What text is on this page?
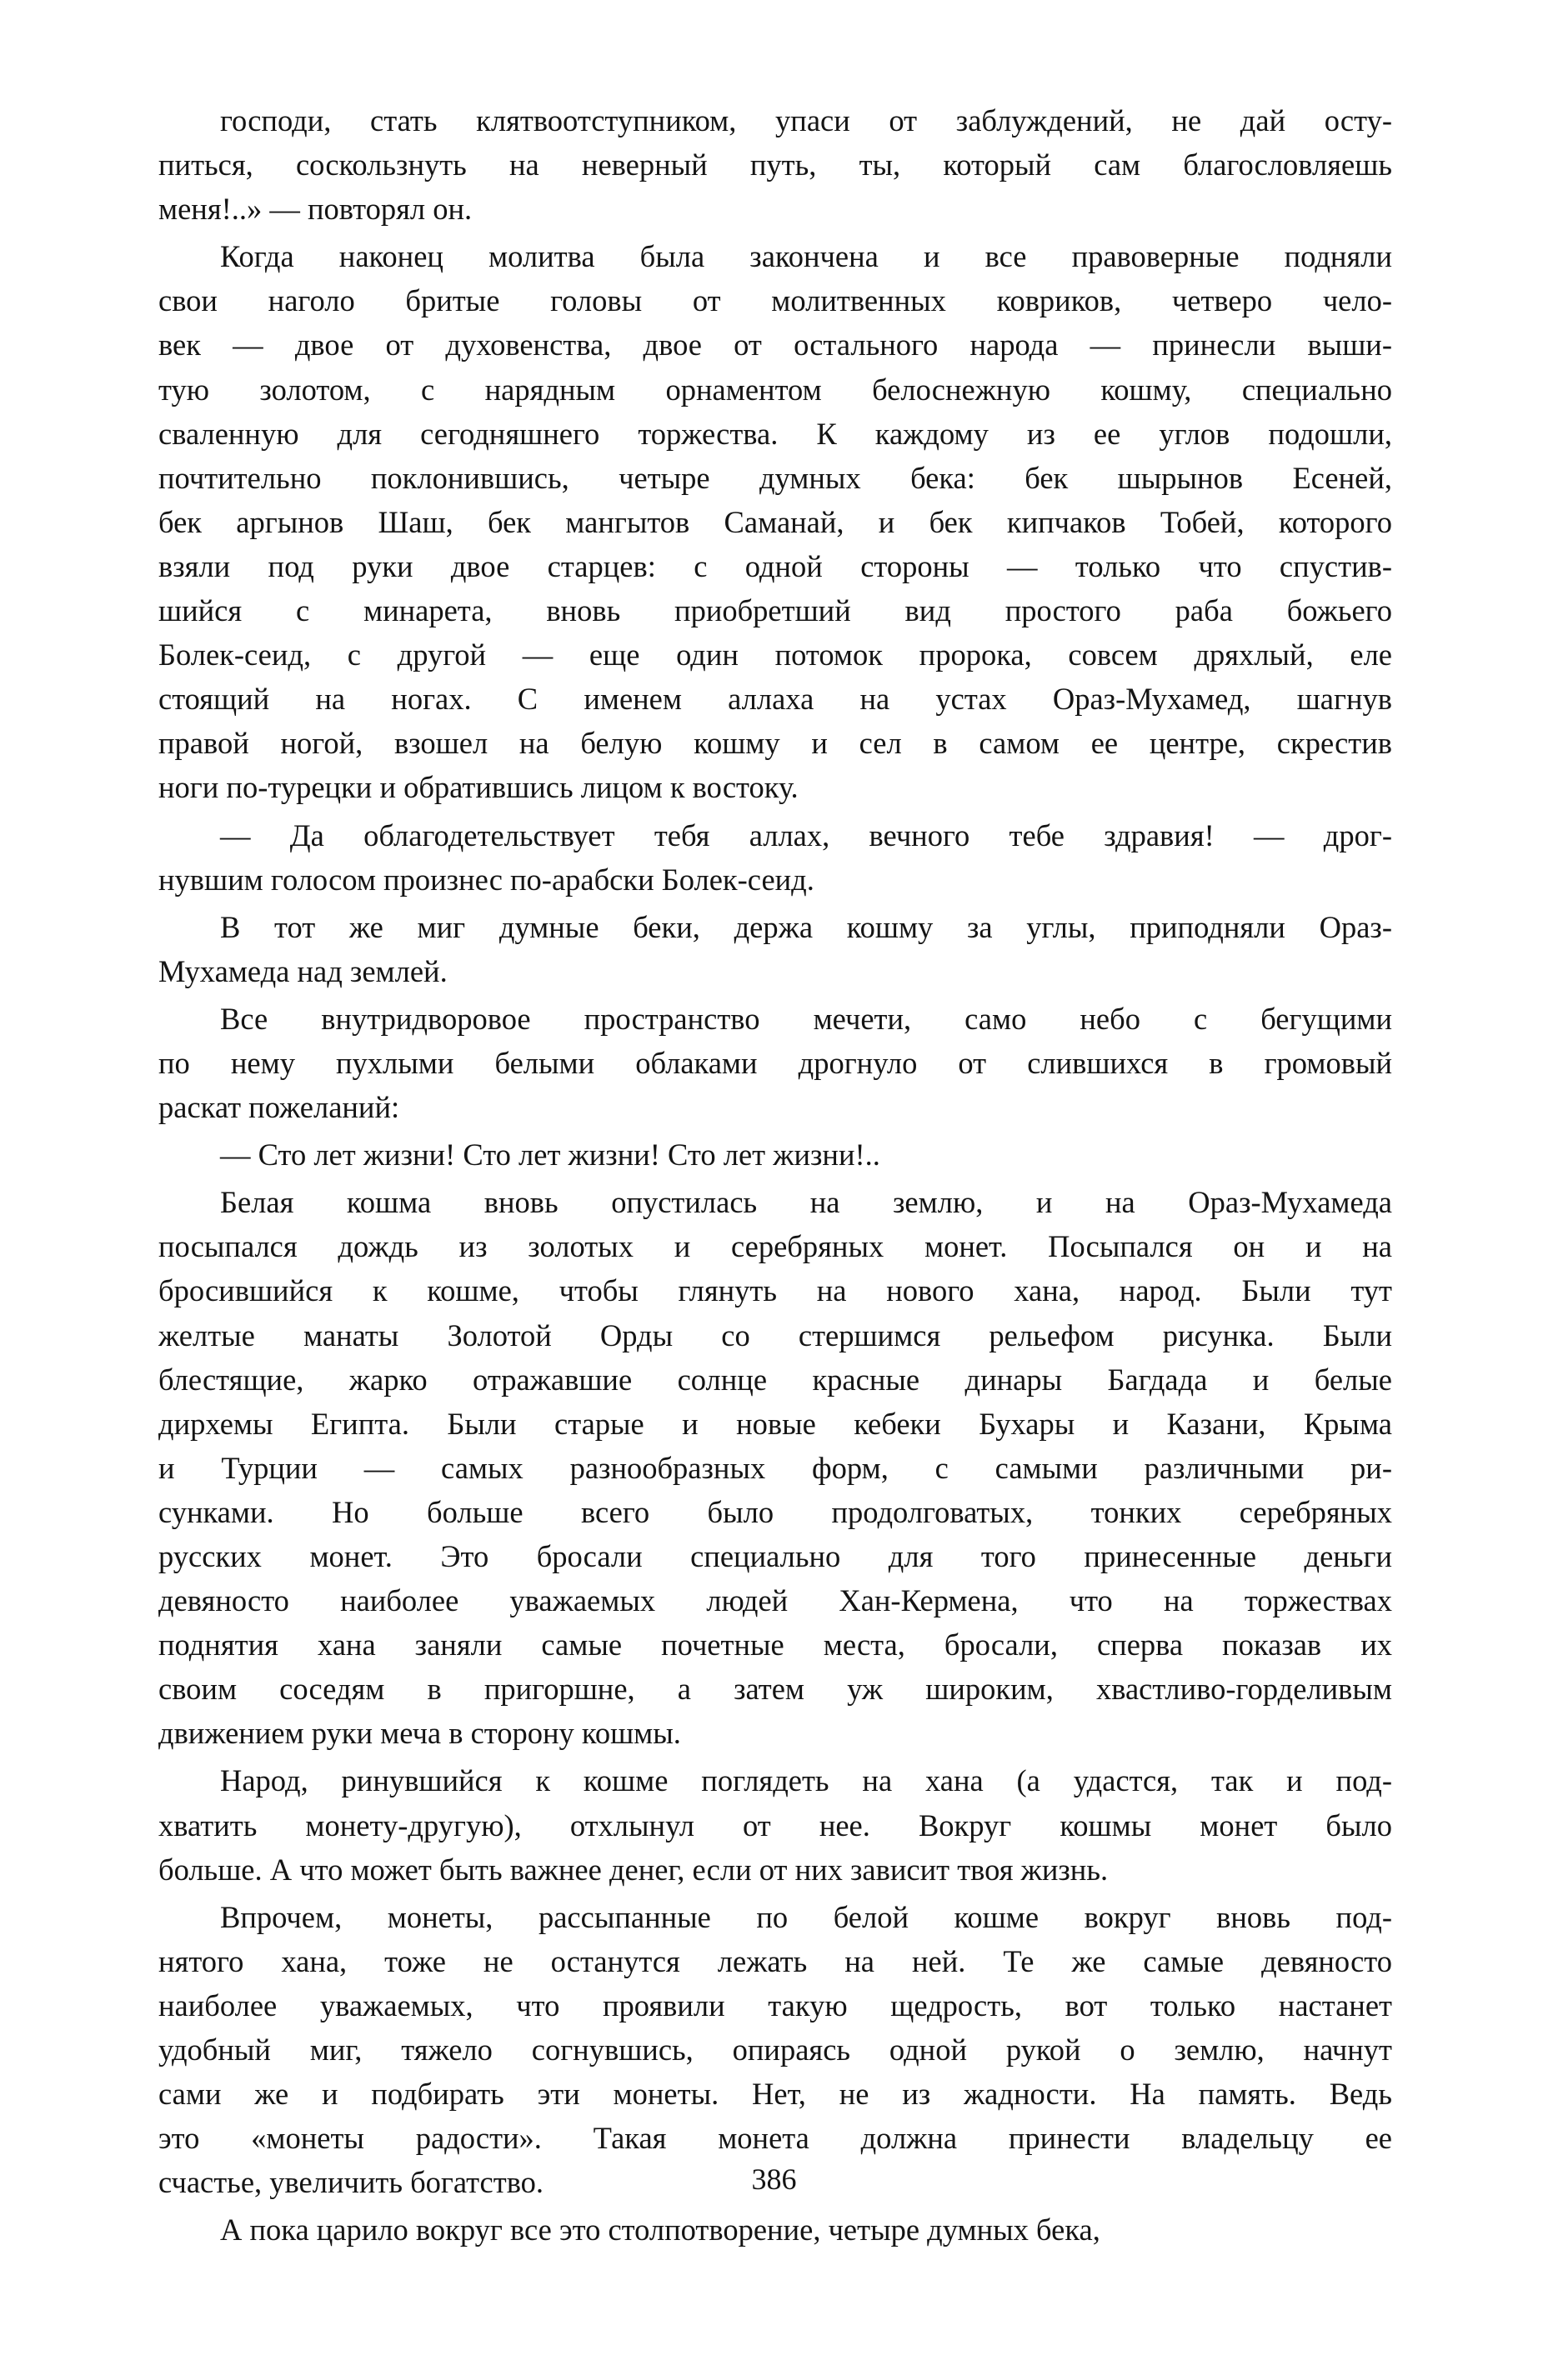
господи, стать клятвоотступником, упаси от заблуждений, не дай осту-
питься, соскользнуть на неверный путь, ты, который сам благословляешь
меня!..» — повторял он.
Когда наконец молитва была закончена и все правоверные подняли
свои наголо бритые головы от молитвенных ковриков, четверо чело-
век — двое от духовенства, двое от остального народа — принесли выши-
тую золотом, с нарядным орнаментом белоснежную кошму, специально
сваленную для сегодняшнего торжества. К каждому из ее углов подошли,
почтительно поклонившись, четыре думных бека: бек шырынов Есеней,
бек аргынов Шаш, бек мангытов Саманай, и бек кипчаков Тобей, которого
взяли под руки двое старцев: с одной стороны — только что спустив-
шийся с минарета, вновь приобретший вид простого раба божьего
Болек-сеид, с другой — еще один потомок пророка, совсем дряхлый, еле
стоящий на ногах. С именем аллаха на устах Ораз-Мухамед, шагнув
правой ногой, взошел на белую кошму и сел в самом ее центре, скрестив
ноги по-турецки и обратившись лицом к востоку.
— Да облагодетельствует тебя аллах, вечного тебе здравия! — дрог-
нувшим голосом произнес по-арабски Болек-сеид.
В тот же миг думные беки, держа кошму за углы, приподняли Ораз-
Мухамеда над землей.
Все внутридворовое пространство мечети, само небо с бегущими
по нему пухлыми белыми облаками дрогнуло от слившихся в громовый
раскат пожеланий:
— Сто лет жизни! Сто лет жизни! Сто лет жизни!..
Белая кошма вновь опустилась на землю, и на Ораз-Мухамеда
посыпался дождь из золотых и серебряных монет. Посыпался он и на
бросившийся к кошме, чтобы глянуть на нового хана, народ. Были тут
желтые манаты Золотой Орды со стершимся рельефом рисунка. Были
блестящие, жарко отражавшие солнце красные динары Багдада и белые
дирхемы Египта. Были старые и новые кебеки Бухары и Казани, Крыма
и Турции — самых разнообразных форм, с самыми различными ри-
сунками. Но больше всего было продолговатых, тонких серебряных
русских монет. Это бросали специально для того принесенные деньги
девяносто наиболее уважаемых людей Хан-Кермена, что на торжествах
поднятия хана заняли самые почетные места, бросали, сперва показав их
своим соседям в пригоршне, а затем уж широким, хвастливо-горделивым
движением руки меча в сторону кошмы.
Народ, ринувшийся к кошме поглядеть на хана (а удастся, так и под-
хватить монету-другую), отхлынул от нее. Вокруг кошмы монет было
больше. А что может быть важнее денег, если от них зависит твоя жизнь.
Впрочем, монеты, рассыпанные по белой кошме вокруг вновь под-
нятого хана, тоже не останутся лежать на ней. Те же самые девяносто
наиболее уважаемых, что проявили такую щедрость, вот только настанет
удобный миг, тяжело согнувшись, опираясь одной рукой о землю, начнут
сами же и подбирать эти монеты. Нет, не из жадности. На память. Ведь
это «монеты радости». Такая монета должна принести владельцу ее
счастье, увеличить богатство.
А пока царило вокруг все это столпотворение, четыре думных бека,
386
